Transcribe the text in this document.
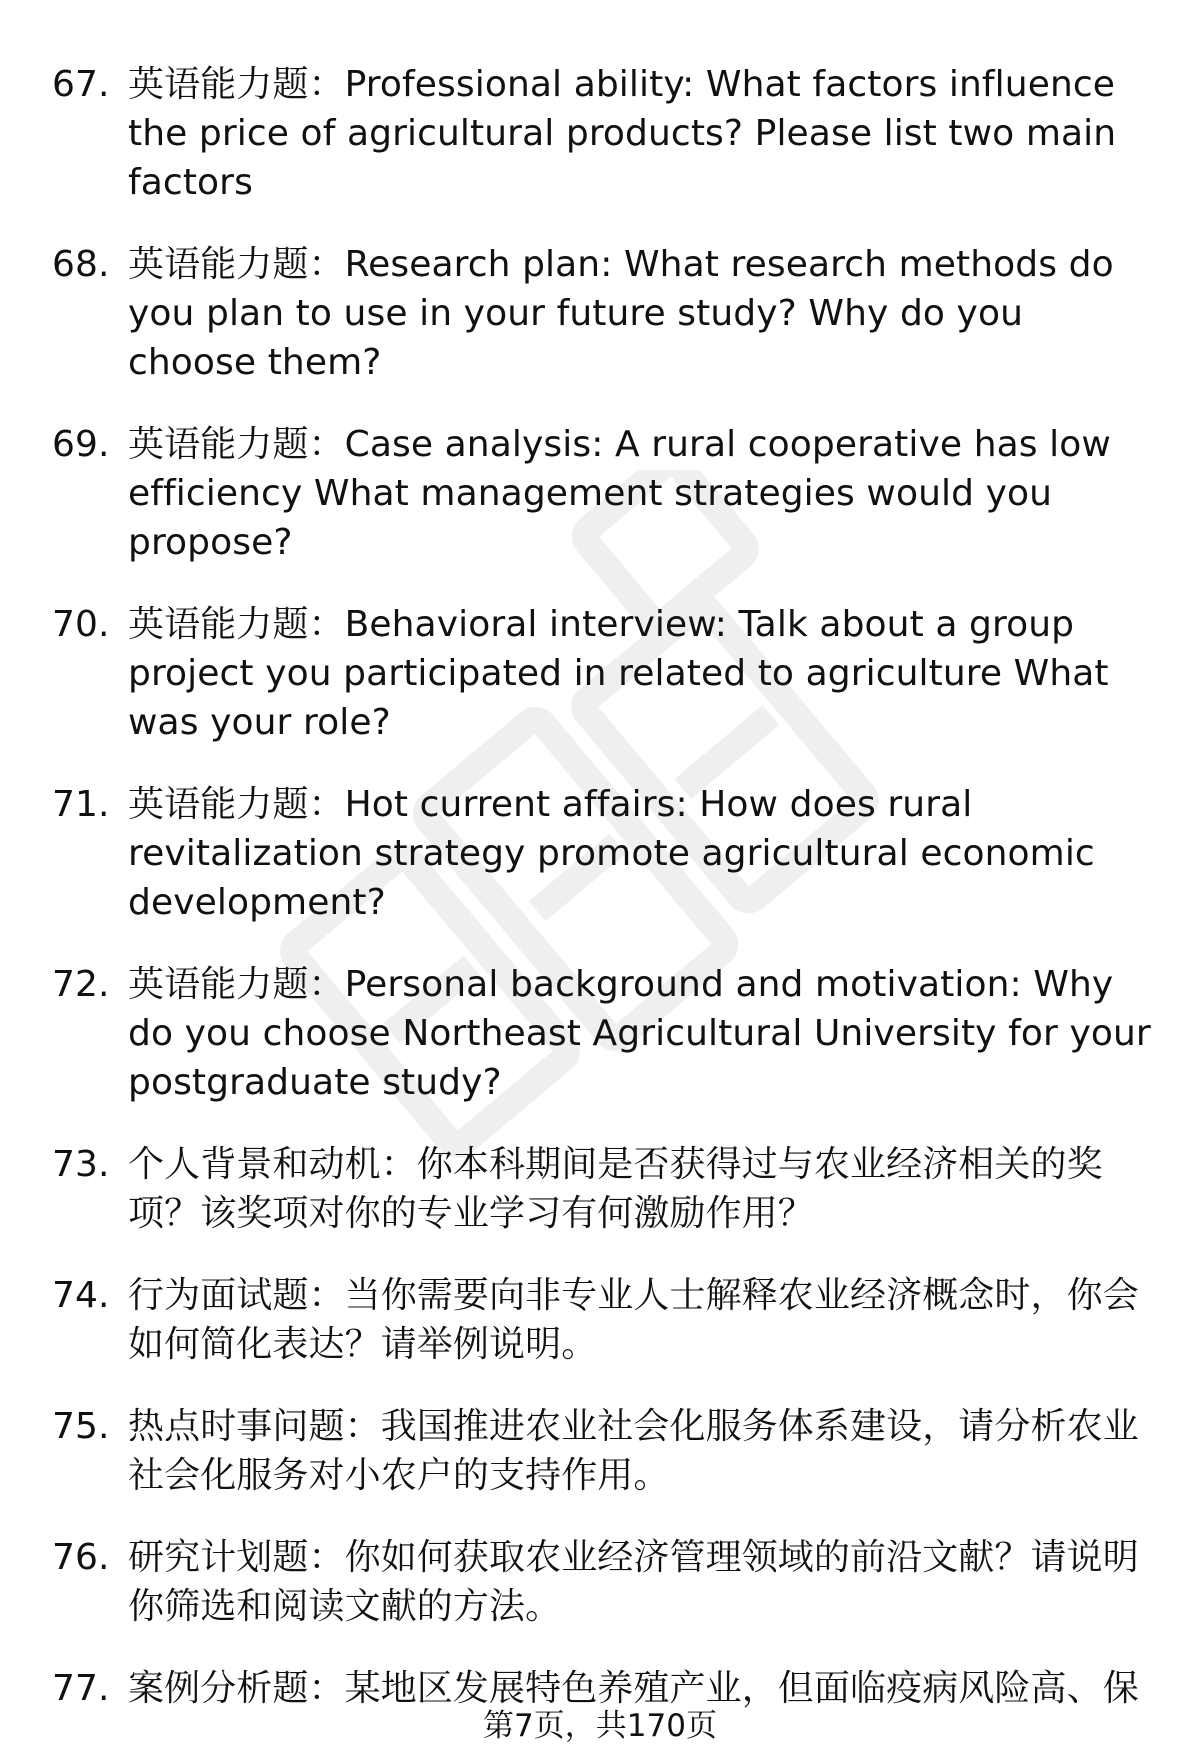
67. 英语能力题：Professional ability: What factors influence the price of agricultural products? Please list two main factors
68. 英语能力题：Research plan: What research methods do you plan to use in your future study? Why do you choose them?
69. 英语能力题：Case analysis: A rural cooperative has low efficiency What management strategies would you propose?
70. 英语能力题：Behavioral interview: Talk about a group project you participated in related to agriculture What was your role?
71. 英语能力题：Hot current affairs: How does rural revitalization strategy promote agricultural economic development?
72. 英语能力题：Personal background and motivation: Why do you choose Northeast Agricultural University for your postgraduate study?
73. 个人背景和动机：你本科期间是否获得过与农业经济相关的奖项？该奖项对你的专业学习有何激励作用？
74. 行为面试题：当你需要向非专业人士解释农业经济概念时，你会如何简化表达？请举例说明。
75. 热点时事问题：我国推进农业社会化服务体系建设，请分析农业社会化服务对小农户的支持作用。
76. 研究计划题：你如何获取农业经济管理领域的前沿文献？请说明你筛选和阅读文献的方法。
77. 案例分析题：某地区发展特色养殖产业，但面临疫病风险高、保
第7页，共170页
